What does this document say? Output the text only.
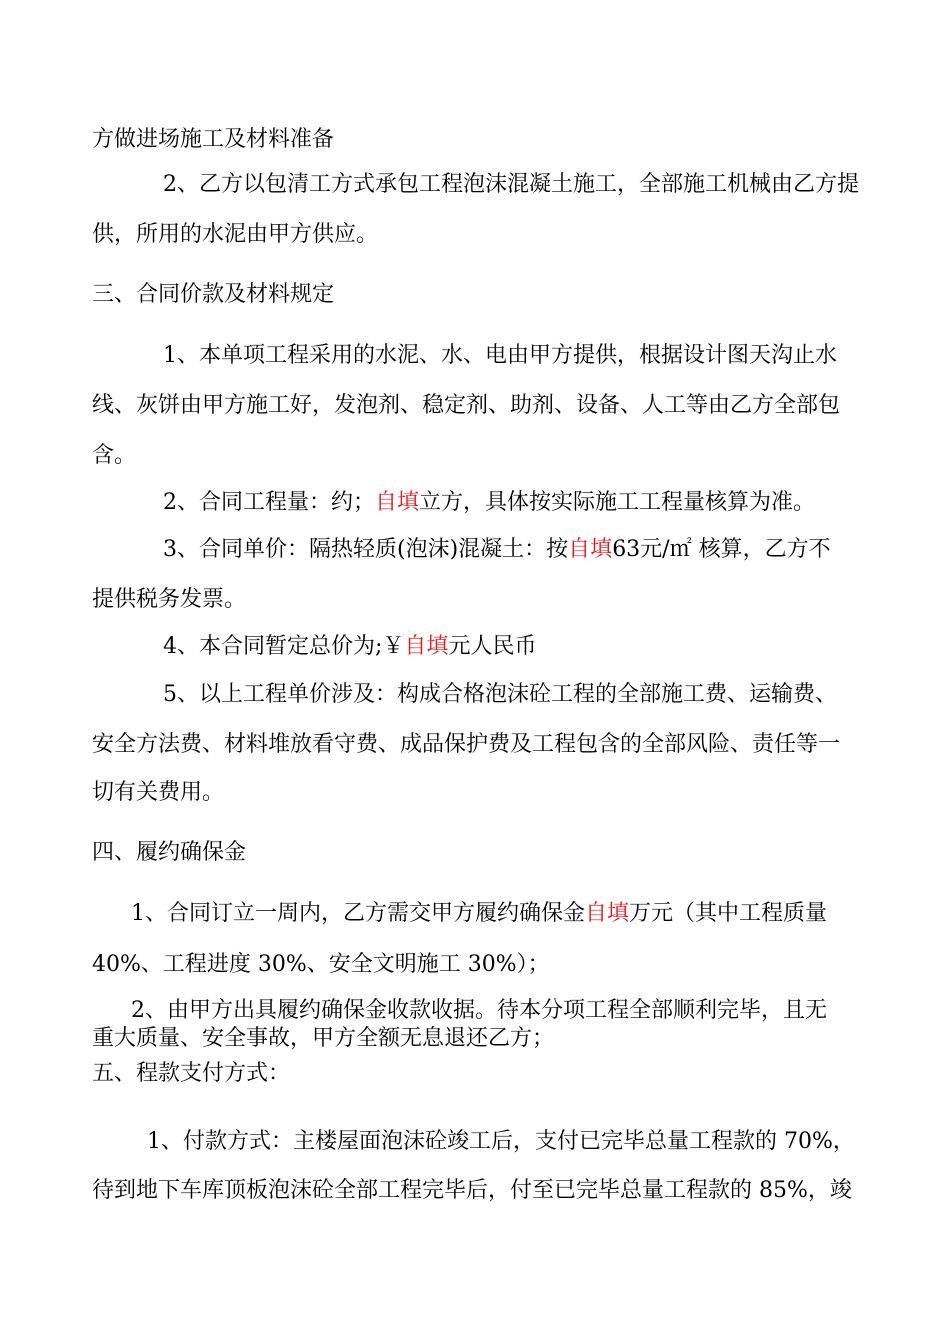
方做进场施工及材料准备

2、乙方以包清工方式承包工程泡沫混凝土施工，全部施工机械由乙方提

供，所用的水泥由甲方供应。

三、合同价款及材料规定

1、本单项工程采用的水泥、水、电由甲方提供，根据设计图天沟止水

线、灰饼由甲方施工好，发泡剂、稳定剂、助剂、设备、人工等由乙方全部包

含。

2、合同工程量：约；自填立方，具体按实际施工工程量核算为准。

3、合同单价：隔热轻质(泡沫)混凝土：按自填63元/㎡ 核算，乙方不

提供税务发票。

4、本合同暂定总价为;￥自填元人民币

5、以上工程单价涉及：构成合格泡沫砼工程的全部施工费、运输费、

安全方法费、材料堆放看守费、成品保护费及工程包含的全部风险、责任等一

切有关费用。

四、履约确保金

1、合同订立一周内，乙方需交甲方履约确保金自填万元（其中工程质量

40%、工程进度 30%、安全文明施工 30%）；

2、由甲方出具履约确保金收款收据。待本分项工程全部顺利完毕，且无

重大质量、安全事故，甲方全额无息退还乙方；

五、程款支付方式：

1、付款方式：主楼屋面泡沫砼竣工后，支付已完毕总量工程款的 70%，

待到地下车库顶板泡沫砼全部工程完毕后，付至已完毕总量工程款的 85%，竣
